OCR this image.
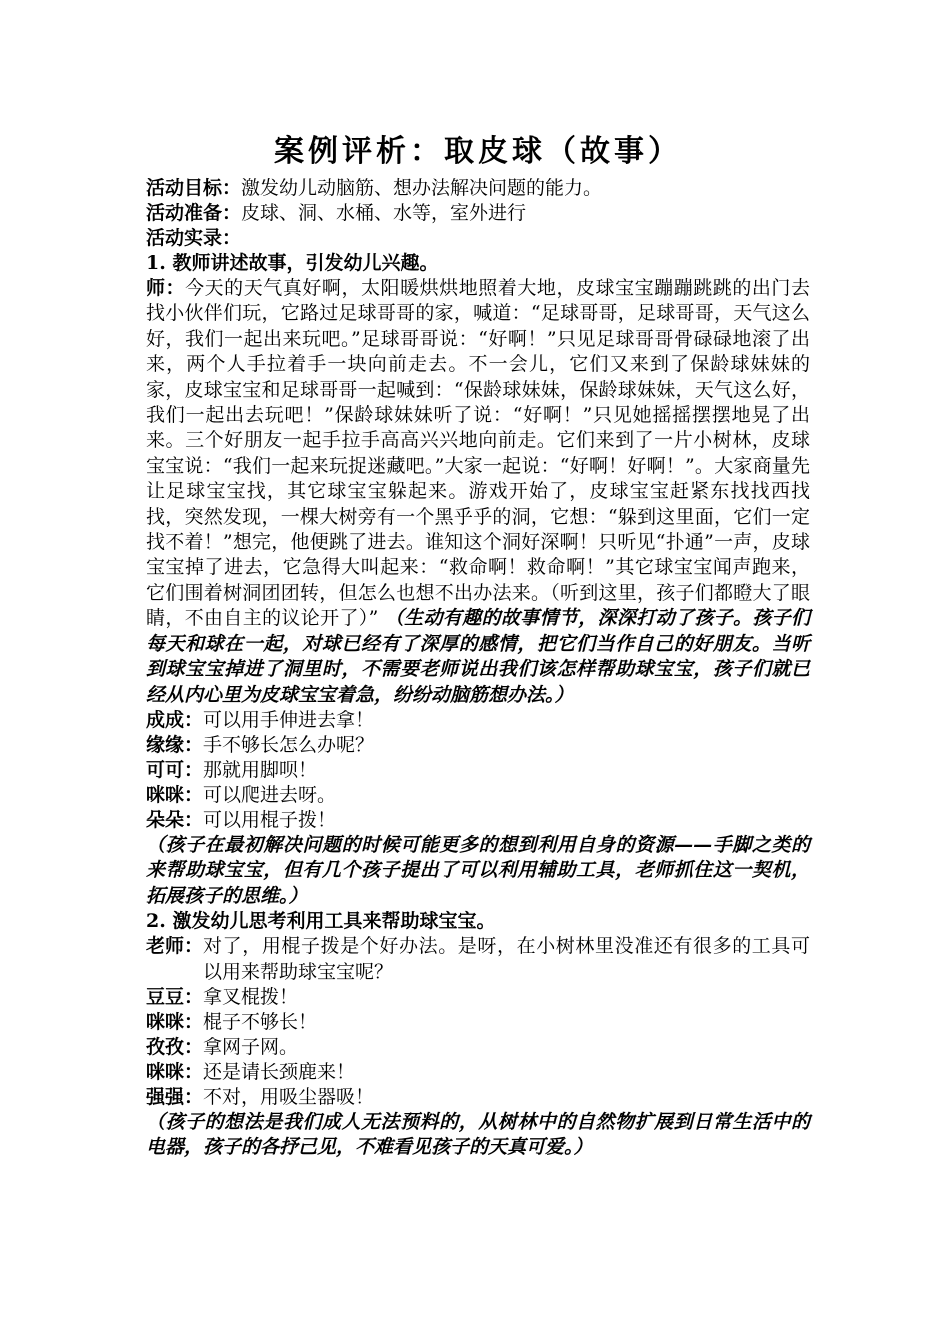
案例评析：取皮球（故事）

活动目标：激发幼儿动脑筋、想办法解决问题的能力。

活动准备：皮球、洞、水桶、水等，室外进行

活动实录：

1. 教师讲述故事，引发幼儿兴趣。

师：今天的天气真好啊，太阳暖烘烘地照着大地，皮球宝宝蹦蹦跳跳的出门去找小伙伴们玩，它路过足球哥哥的家，喊道：“足球哥哥，足球哥哥，天气这么好，我们一起出来玩吧。”足球哥哥说：“好啊！”只见足球哥哥骨碌碌地滚了出来，两个人手拉着手一块向前走去。不一会儿，它们又来到了保龄球妹妹的家，皮球宝宝和足球哥哥一起喊到：“保龄球妹妹，保龄球妹妹，天气这么好，我们一起出去玩吧！”保龄球妹妹听了说：“好啊！”只见她摇摇摆摆地晃了出来。三个好朋友一起手拉手高高兴兴地向前走。它们来到了一片小树林，皮球宝宝说：“我们一起来玩捉迷藏吧。”大家一起说：“好啊！好啊！”。大家商量先让足球宝宝找，其它球宝宝躲起来。游戏开始了，皮球宝宝赶紧东找找西找找，突然发现，一棵大树旁有一个黑乎乎的洞，它想：“躲到这里面，它们一定找不着！”想完，他便跳了进去。谁知这个洞好深啊！只听见“扑通”一声，皮球宝宝掉了进去，它急得大叫起来：“救命啊！救命啊！”其它球宝宝闻声跑来，它们围着树洞团团转，但怎么也想不出办法来。（听到这里，孩子们都瞪大了眼睛，不由自主的议论开了）” （生动有趣的故事情节，深深打动了孩子。孩子们每天和球在一起，对球已经有了深厚的感情，把它们当作自己的好朋友。当听到球宝宝掉进了洞里时，不需要老师说出我们该怎样帮助球宝宝，孩子们就已经从内心里为皮球宝宝着急，纷纷动脑筋想办法。）

成成：可以用手伸进去拿！

缘缘：手不够长怎么办呢？

可可：那就用脚呗！

咪咪：可以爬进去呀。

朵朵：可以用棍子拨！

（孩子在最初解决问题的时候可能更多的想到利用自身的资源——手脚之类的来帮助球宝宝，但有几个孩子提出了可以利用辅助工具，老师抓住这一契机，拓展孩子的思维。）

2. 激发幼儿思考利用工具来帮助球宝宝。

老师： 对了，用棍子拨是个好办法。是呀，在小树林里没准还有很多的工具可以用来帮助球宝宝呢？

豆豆：拿叉棍拨！

咪咪：棍子不够长！

孜孜：拿网子网。

咪咪：还是请长颈鹿来！

强强：不对，用吸尘器吸！

（孩子的想法是我们成人无法预料的，从树林中的自然物扩展到日常生活中的电器，孩子的各抒己见，不难看见孩子的天真可爱。）
